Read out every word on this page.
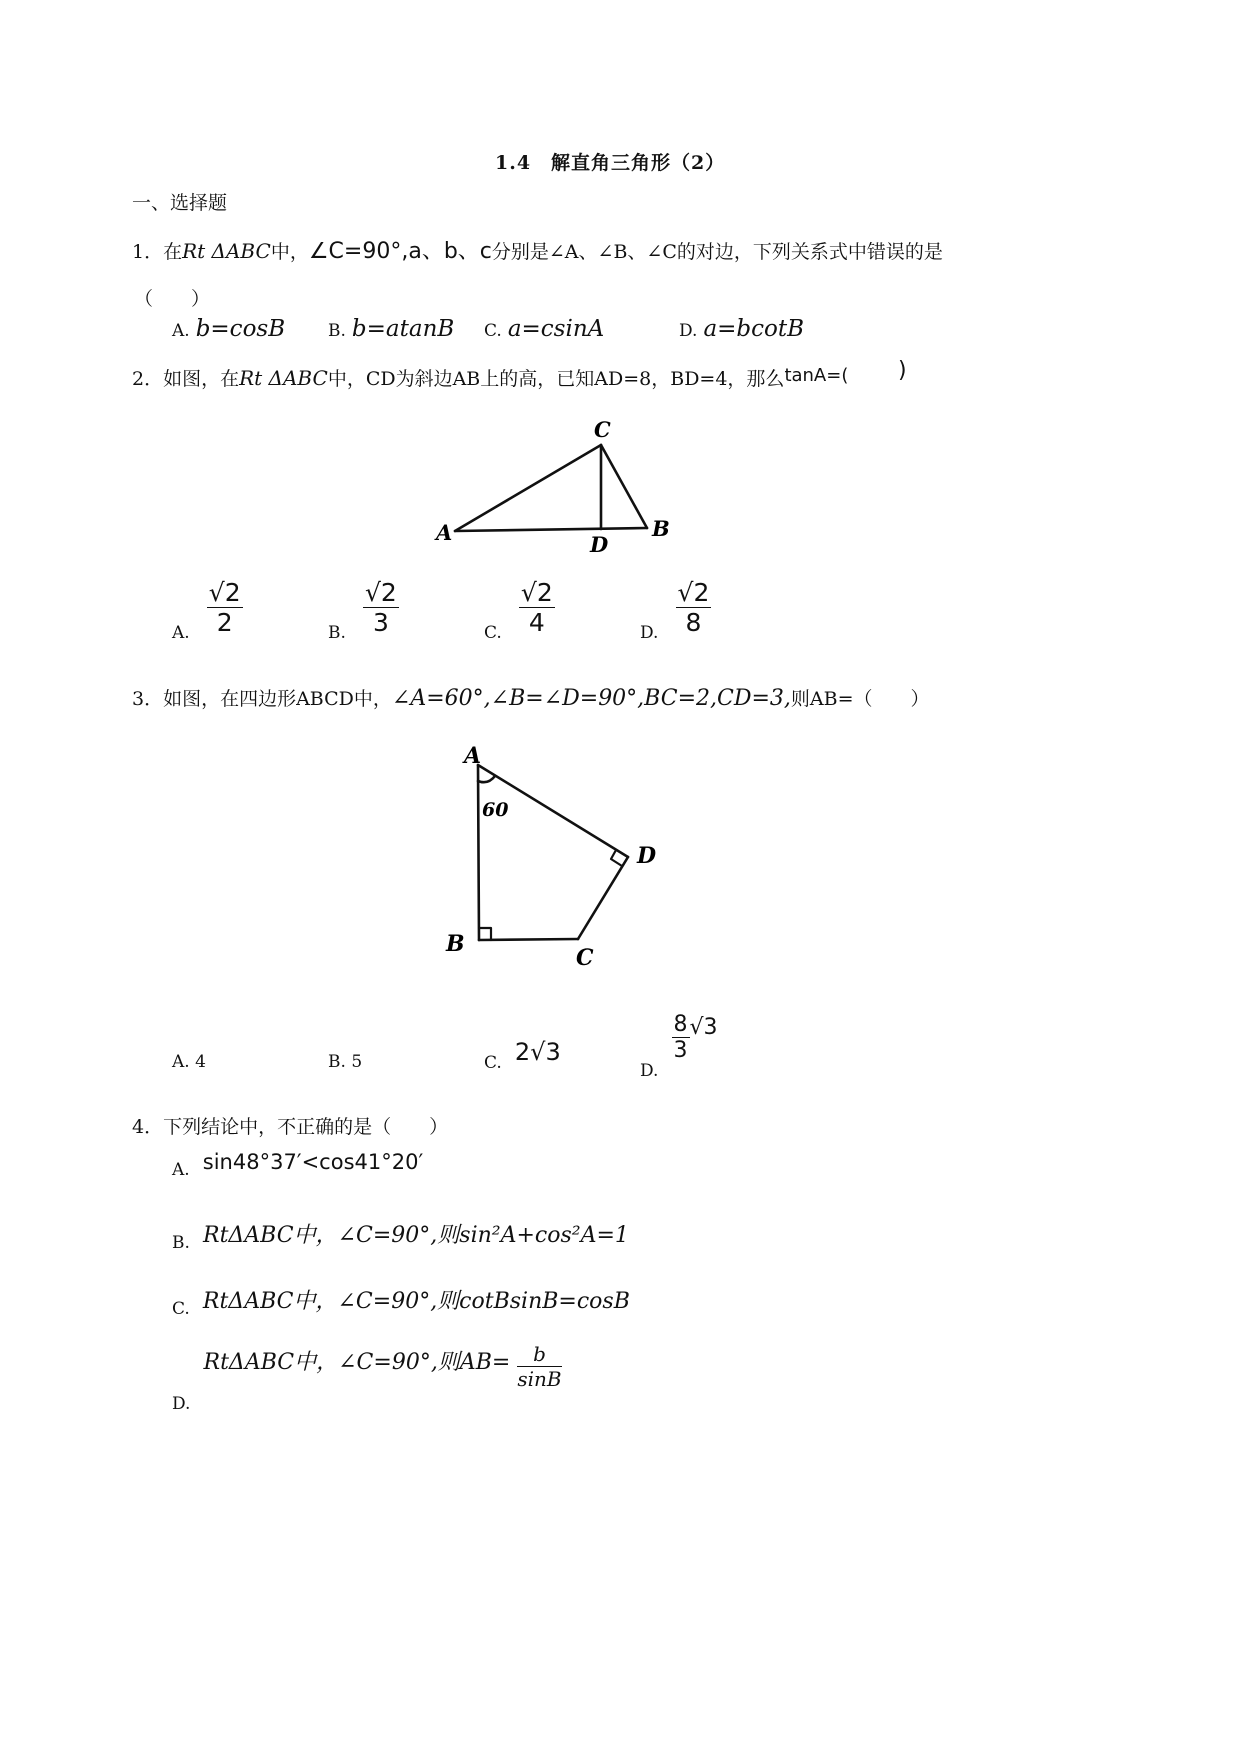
1.4　解直角三角形（2）
一、选择题
1．在Rt ΔABC中，∠C=90°,a、b、c分别是∠A、∠B、∠C的对边，下列关系式中错误的是
（　　）
A. b=cosB	B. b=atanB C. a=csinA	D. a=bcotB
2．如图，在Rt ΔABC中，CD为斜边AB上的高，已知AD=8，BD=4，那么tanA=( )
C
A	D
B
A. $\frac{√2}{2}$	B. $\frac{√2}{3}$	C. $\frac{√2}{4}$	D. $\frac{√2}{8}$
3．如图，在四边形ABCD中，∠A=60°,∠B=∠D=90°,BC=2,CD=3,则AB=（　　）
A
60
D
B
C
A. 4	B. 5	C. 2√3
D.
$\frac{8}{3} √3$
4．下列结论中，不正确的是（　　）
A. sin48°37′<cos41°20′
B. RtΔABC中，∠C=90°,则sin²A+cos²A=1
C. RtΔABC中，∠C=90°,则cotBsinB=cosB
D. RtΔABC中，∠C=90°,则$AB= \frac{b}{\sin B}$
